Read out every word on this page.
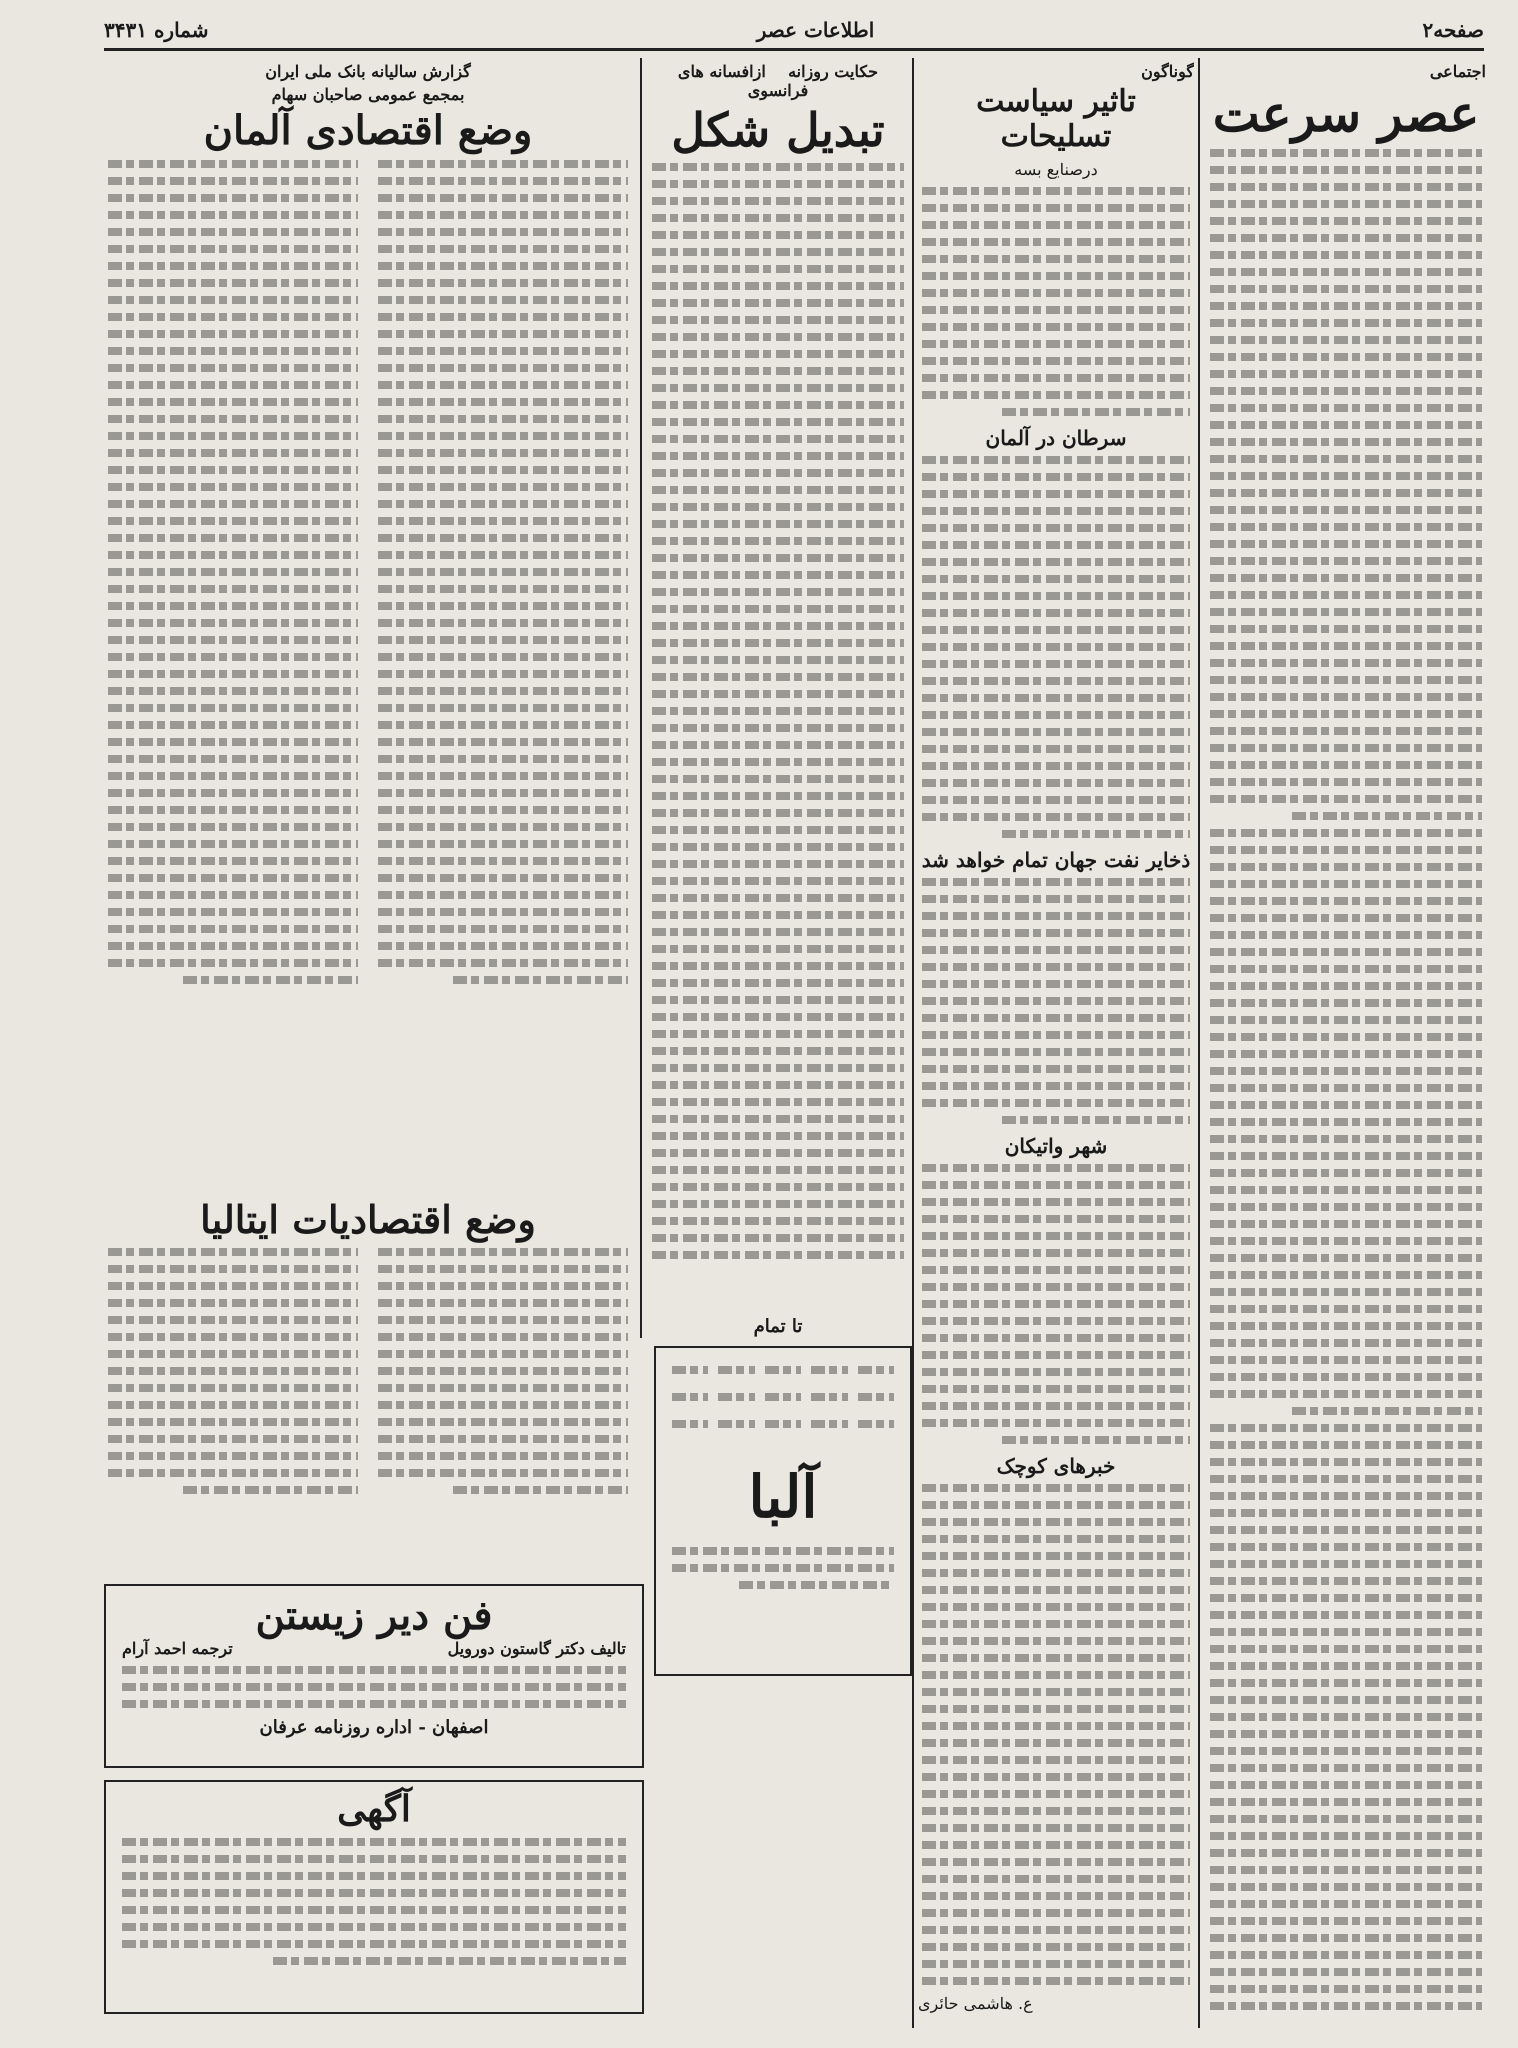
صفحه۲
اطلاعات عصر
شماره ۳۴۳۱
اجتماعی
عصر سرعت
گوناگون
تاثیر سیاست تسلیحات
درصنایع بسه
سرطان در آلمان
ذخایر نفت جهان تمام خواهد شد
شهر واتیکان
خبرهای کوچک
ع. هاشمی حائری
حکایت روزانه    ازافسانه های فرانسوی
تبدیل شکل
تا تمام
گزارش سالیانه بانک ملی ایران
بمجمع عمومی صاحبان سهام
وضع اقتصادی آلمان
وضع اقتصادیات ایتالیا
فن دیر زیستن
تالیف دکتر گاستون دورویل
ترجمه احمد آرام
اصفهان - اداره روزنامه عرفان
آگهی
آلبا
